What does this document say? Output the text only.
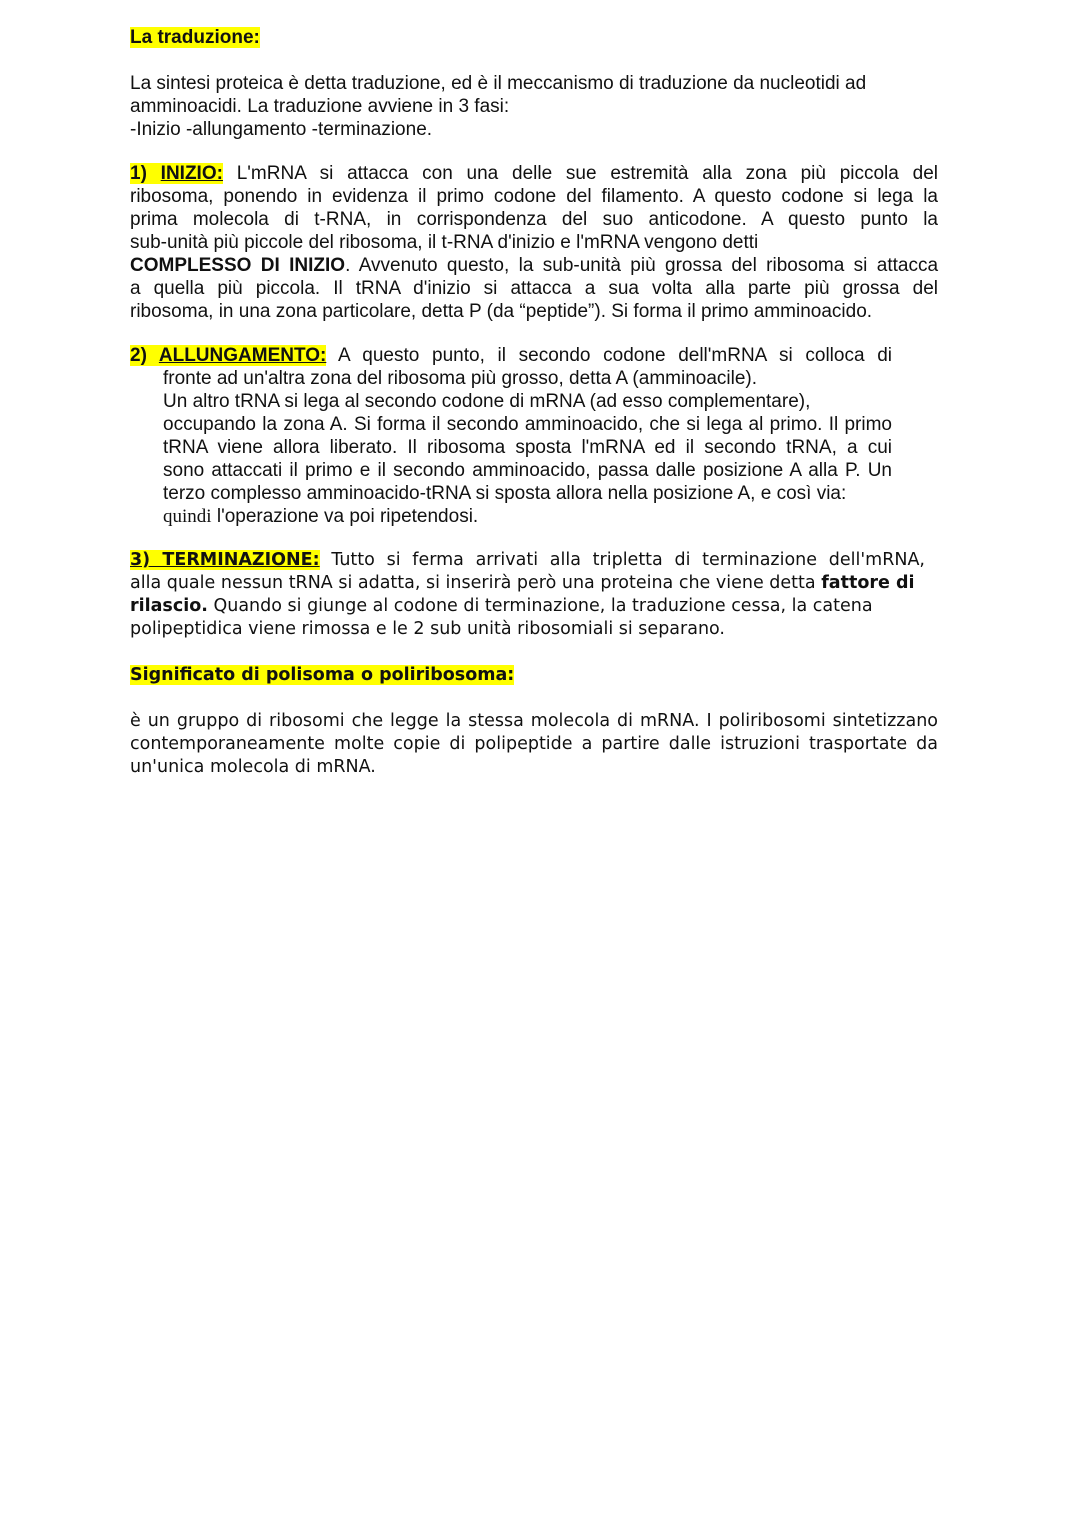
La traduzione:
La sintesi proteica è detta traduzione, ed è il meccanismo di traduzione da nucleotidi ad
amminoacidi. La traduzione avviene in 3 fasi:
-Inizio -allungamento -terminazione.
1) INIZIO: L'mRNA si attacca con una delle sue estremità alla zona più piccola del
ribosoma, ponendo in evidenza il primo codone del filamento. A questo codone si lega la
prima molecola di t-RNA, in corrispondenza del suo anticodone. A questo punto la
sub-unità più piccole del ribosoma, il t-RNA d'inizio e l'mRNA vengono detti
COMPLESSO DI INIZIO. Avvenuto questo, la sub-unità più grossa del ribosoma si attacca
a quella più piccola. Il tRNA d'inizio si attacca a sua volta alla parte più grossa del
ribosoma, in una zona particolare, detta P (da “peptide”). Si forma il primo amminoacido.
2) ALLUNGAMENTO: A questo punto, il secondo codone dell'mRNA si colloca di
fronte ad un'altra zona del ribosoma più grosso, detta A (amminoacile).
Un altro tRNA si lega al secondo codone di mRNA (ad esso complementare),
occupando la zona A. Si forma il secondo amminoacido, che si lega al primo. Il primo
tRNA viene allora liberato. Il ribosoma sposta l'mRNA ed il secondo tRNA, a cui
sono attaccati il primo e il secondo amminoacido, passa dalle posizione A alla P. Un
terzo complesso amminoacido-tRNA si sposta allora nella posizione A, e così via:
quindi l'operazione va poi ripetendosi.
3) TERMINAZIONE: Tutto si ferma arrivati alla tripletta di terminazione dell'mRNA,
alla quale nessun tRNA si adatta, si inserirà però una proteina che viene detta fattore di
rilascio. Quando si giunge al codone di terminazione, la traduzione cessa, la catena
polipeptidica viene rimossa e le 2 sub unità ribosomiali si separano.
Significato di polisoma o poliribosoma:
è un gruppo di ribosomi che legge la stessa molecola di mRNA. I poliribosomi sintetizzano
contemporaneamente molte copie di polipeptide a partire dalle istruzioni trasportate da
un'unica molecola di mRNA.
